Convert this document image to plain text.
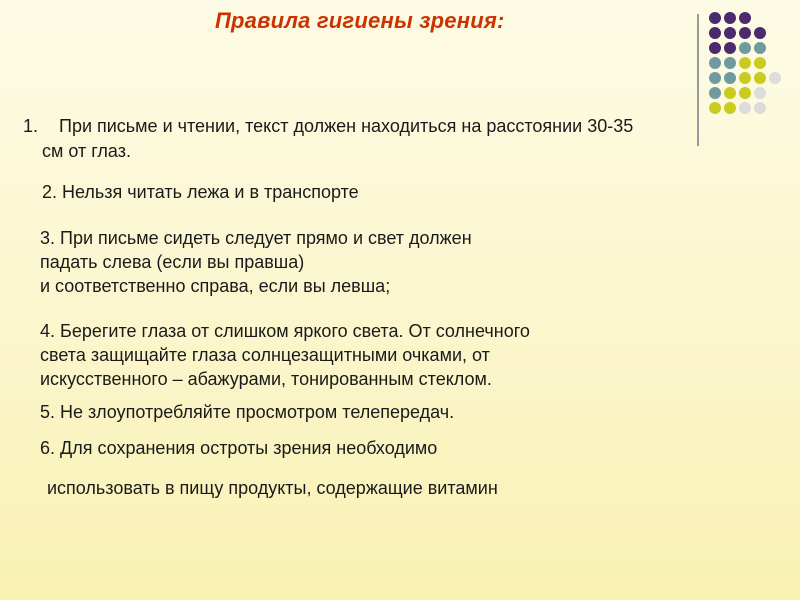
Правила гигиены зрения:
1. При письме и чтении, текст должен находиться на расстоянии 30-35
см от глаз.
2. Нельзя читать лежа и в транспорте
3. При письме сидеть следует прямо и свет должен
падать слева (если вы правша)
и соответственно справа, если вы левша;
4. Берегите глаза от слишком яркого света. От солнечного
света защищайте глаза солнцезащитными очками, от
искусственного – абажурами, тонированным стеклом.
5. Не злоупотребляйте просмотром телепередач.
6. Для сохранения остроты зрения необходимо
использовать в пищу продукты, содержащие витамин
